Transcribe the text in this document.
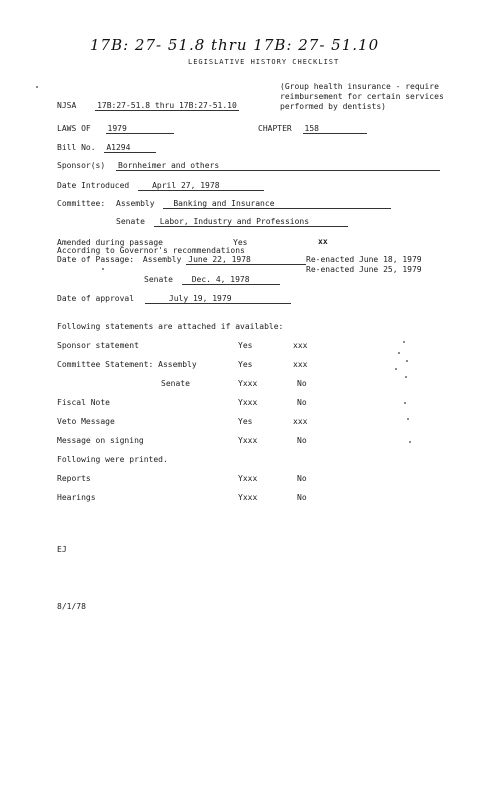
17B: 27- 51.8 thru 17B: 27- 51.10
LEGISLATIVE HISTORY CHECKLIST
(Group health insurance - require
reimbursement for certain services
performed by dentists)
NJSA	17B:27-51.8 thru 17B:27-51.10
LAWS OF 1979	CHAPTER 158
Bill No. A1294
Sponsor(s) Bornheimer and others
Date Introduced	April 27, 1978
Committee: Assembly Banking and Insurance
Senate Labor, Industry and Professions
Amended during passage	Yes	xx
According to Governor's recommendations
Date of Passage: Assembly June 22, 1978	Re-enacted June 18, 1979
Re-enacted June 25, 1979
Senate Dec. 4, 1978
Date of approval	July 19, 1979
Following statements are attached if available:
Sponsor statement	Yes	xxx
Committee Statement: Assembly	Yes	xxx
Senate	Yxxx	No
Fiscal Note	Yxxx	No
Veto Message	Yes	xxx
Message on signing	Yxxx	No
Following were printed.
Reports	Yxxx	No
Hearings	Yxxx	No
EJ
8/1/78
